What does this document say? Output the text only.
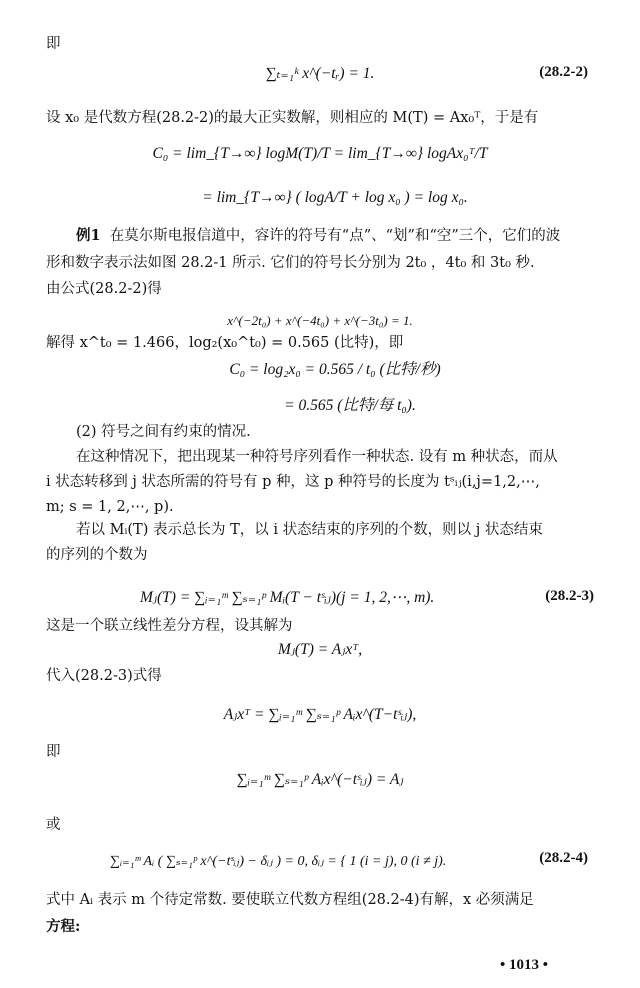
即
∑ₜ₌₁ᵏ x^(−tᵣ) = 1.	(28.2-2)
设 x₀ 是代数方程(28.2-2)的最大正实数解，则相应的 M(T) = Ax₀ᵀ，于是有
C₀ = lim_{T→∞} logM(T)/T = lim_{T→∞} logAx₀ᵀ/T
= lim_{T→∞} ( logA/T + log x₀ ) = log x₀.
例1 在莫尔斯电报信道中，容许的符号有“点”、“划”和“空”三个，它们的波
形和数字表示法如图 28.2-1 所示. 它们的符号长分别为 2t₀ ，4t₀ 和 3t₀ 秒.
由公式(28.2-2)得
x^(−2t₀) + x^(−4t₀) + x^(−3t₀) = 1.
解得 x^t₀ = 1.466，log₂(x₀^t₀) = 0.565 (比特)，即
C₀ = log₂x₀ = 0.565 / t₀ (比特/秒)
= 0.565 (比特/每 t₀).
(2) 符号之间有约束的情况.
在这种情况下，把出现某一种符号序列看作一种状态. 设有 m 种状态，而从
i 状态转移到 j 状态所需的符号有 p 种，这 p 种符号的长度为 tˢᵢⱼ(i,j=1,2,⋯,
m; s = 1, 2,⋯, p).
若以 Mᵢ(T) 表示总长为 T，以 i 状态结束的序列的个数，则以 j 状态结束
的序列的个数为
Mⱼ(T) = ∑ᵢ₌₁ᵐ ∑ₛ₌₁ᵖ Mᵢ(T − tˢᵢⱼ)(j = 1, 2,⋯, m).	(28.2-3)
这是一个联立线性差分方程，设其解为
Mⱼ(T) = Aⱼxᵀ,
代入(28.2-3)式得
Aⱼxᵀ = ∑ᵢ₌₁ᵐ ∑ₛ₌₁ᵖ Aᵢx^(T−tˢᵢⱼ),
即
∑ᵢ₌₁ᵐ ∑ₛ₌₁ᵖ Aᵢx^(−tˢᵢⱼ) = Aⱼ
或
∑ᵢ₌₁ᵐ Aᵢ ( ∑ₛ₌₁ᵖ x^(−tˢᵢⱼ) − δᵢⱼ ) = 0, δᵢⱼ = { 1 (i = j), 0 (i ≠ j).	(28.2-4)
式中 Aᵢ 表示 m 个待定常数. 要使联立代数方程组(28.2-4)有解，x 必须满足
方程:
• 1013 •
